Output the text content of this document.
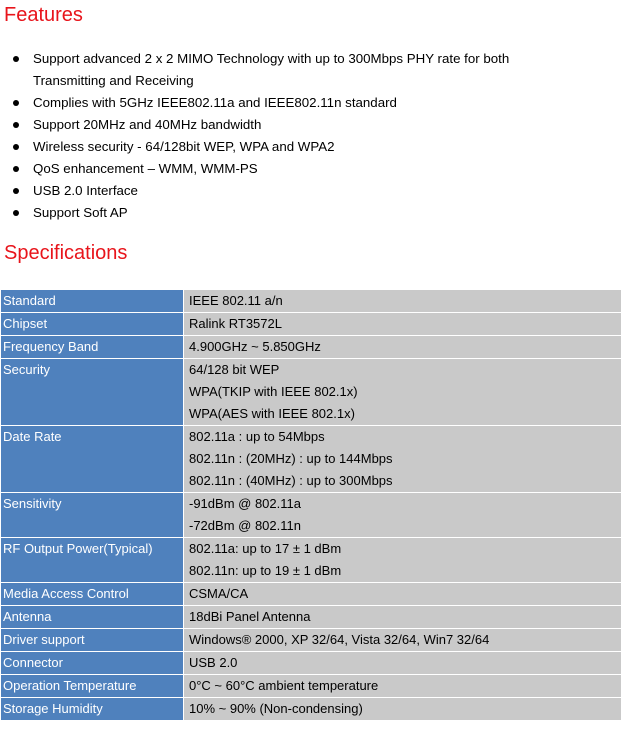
Features
Support advanced 2 x 2 MIMO Technology with up to 300Mbps PHY rate for both Transmitting and Receiving
Complies with 5GHz IEEE802.11a and IEEE802.11n standard
Support 20MHz and 40MHz bandwidth
Wireless security - 64/128bit WEP, WPA and WPA2
QoS enhancement – WMM, WMM-PS
USB 2.0 Interface
Support Soft AP
Specifications
Standard	IEEE 802.11 a/n

Chipset	Ralink RT3572L

Frequency Band	4.900GHz ~ 5.850GHz

Security	64/128 bit WEP
WPA(TKIP with IEEE 802.1x)
WPA(AES with IEEE 802.1x)

Date Rate	802.11a : up to 54Mbps
802.11n : (20MHz) : up to 144Mbps
802.11n : (40MHz) : up to 300Mbps

Sensitivity	-91dBm @ 802.11a
-72dBm @ 802.11n

RF Output Power(Typical)	802.11a: up to 17 ± 1 dBm
802.11n: up to 19 ± 1 dBm

Media Access Control	CSMA/CA

Antenna	18dBi Panel Antenna

Driver support	Windows® 2000, XP 32/64, Vista 32/64, Win7 32/64

Connector	USB 2.0

Operation Temperature	0°C ~ 60°C ambient temperature

Storage Humidity	10% ~ 90% (Non-condensing)
